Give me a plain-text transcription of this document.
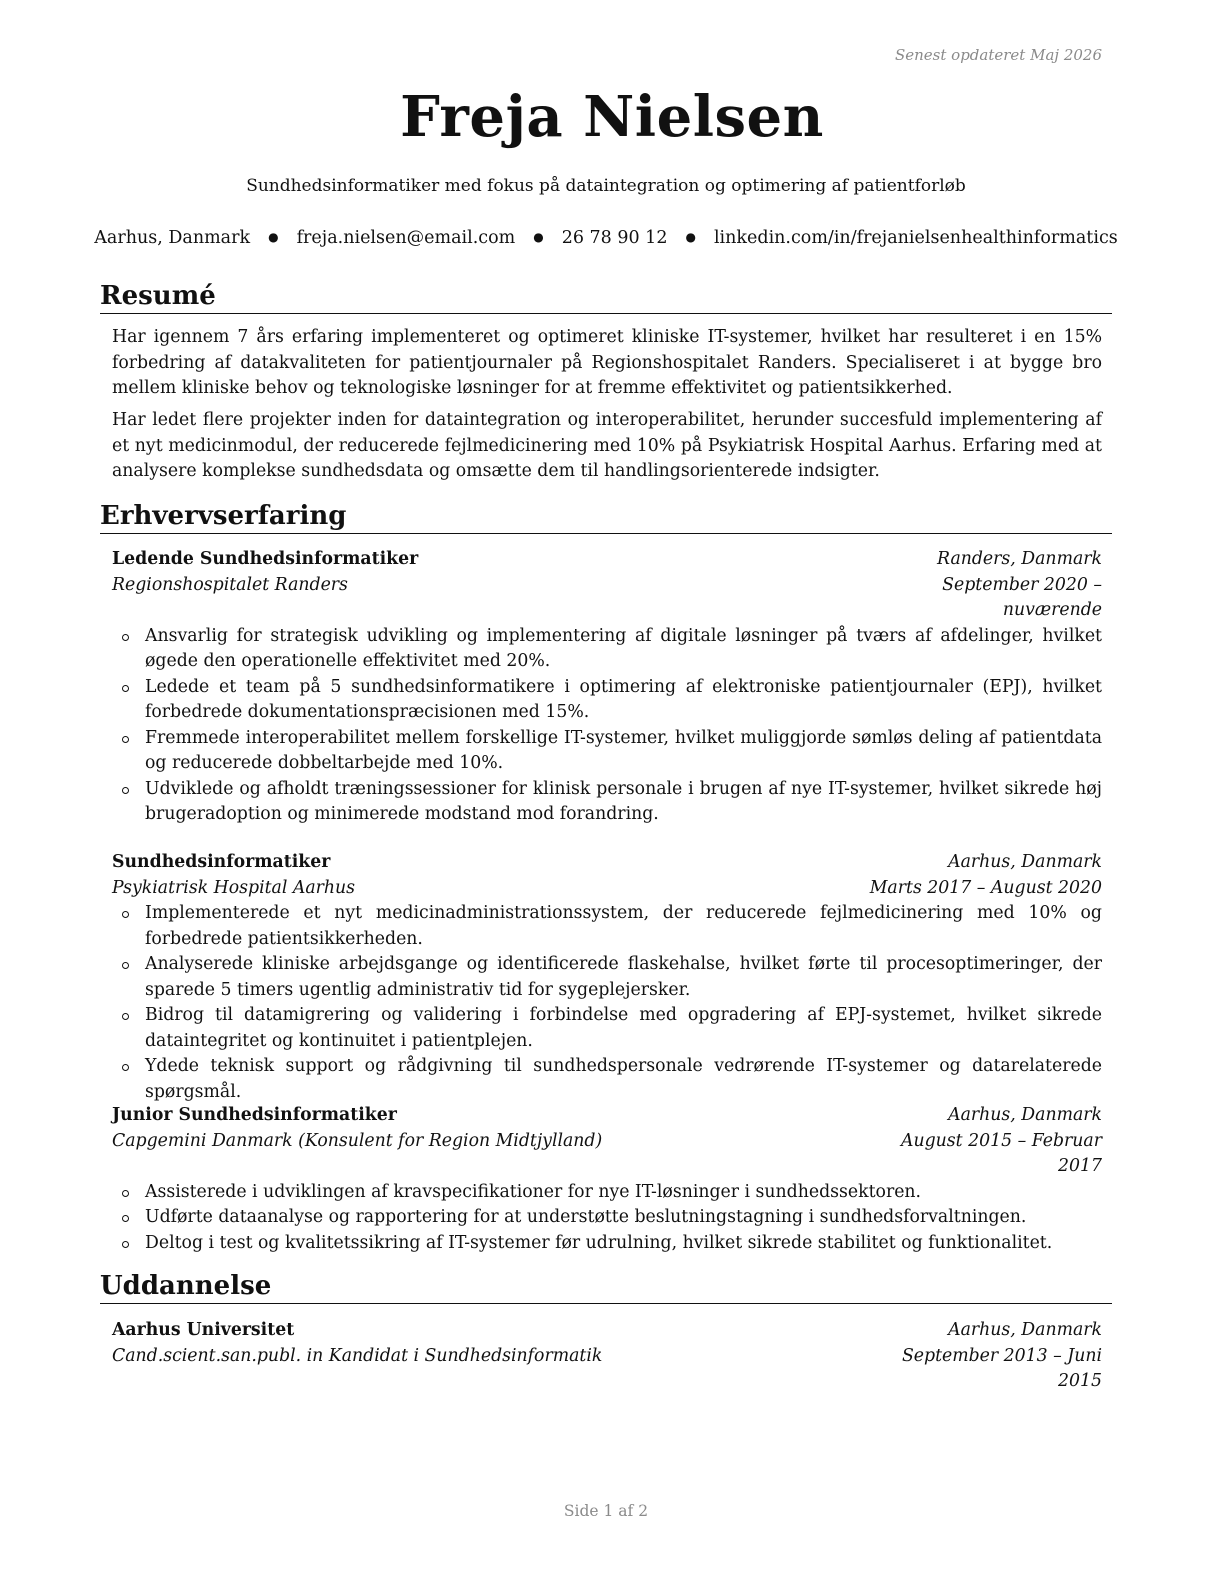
Senest opdateret Maj 2026
Freja Nielsen
Sundhedsinformatiker med fokus på dataintegration og optimering af patientforløb
Aarhus, Danmark ● freja.nielsen@email.com ● 26 78 90 12 ● linkedin.com/in/frejanielsenhealthinformatics
Resumé

Har igennem 7 års erfaring implementeret og optimeret kliniske IT-systemer, hvilket har resulteret i en 15% forbedring af datakvaliteten for patientjournaler på Regionshospitalet Randers. Specialiseret i at bygge bro mellem kliniske behov og teknologiske løsninger for at fremme effektivitet og patientsikkerhed.

Har ledet flere projekter inden for dataintegration og interoperabilitet, herunder succesfuld implementering af et nyt medicinmodul, der reducerede fejlmedicinering med 10% på Psykiatrisk Hospital Aarhus. Erfaring med at analysere komplekse sundhedsdata og omsætte dem til handlingsorienterede indsigter.

Erhvervserfaring
Ledende Sundhedsinformatiker	Randers, Danmark
Regionshospitalet Randers	September 2020 – nuværende
Ansvarlig for strategisk udvikling og implementering af digitale løsninger på tværs af afdelinger, hvilket øgede den operationelle effektivitet med 20%.
Ledede et team på 5 sundhedsinformatikere i optimering af elektroniske patientjournaler (EPJ), hvilket forbedrede dokumentationspræcisionen med 15%.
Fremmede interoperabilitet mellem forskellige IT-systemer, hvilket muliggjorde sømløs deling af patientdata og reducerede dobbeltarbejde med 10%.
Udviklede og afholdt træningssessioner for klinisk personale i brugen af nye IT-systemer, hvilket sikrede høj brugeradoption og minimerede modstand mod forandring.
Sundhedsinformatiker	Aarhus, Danmark
Psykiatrisk Hospital Aarhus	Marts 2017 – August 2020
Implementerede et nyt medicinadministrationssystem, der reducerede fejlmedicinering med 10% og forbedrede patientsikkerheden.
Analyserede kliniske arbejdsgange og identificerede flaskehalse, hvilket førte til procesoptimeringer, der sparede 5 timers ugentlig administrativ tid for sygeplejersker.
Bidrog til datamigrering og validering i forbindelse med opgradering af EPJ-systemet, hvilket sikrede dataintegritet og kontinuitet i patientplejen.
Ydede teknisk support og rådgivning til sundhedspersonale vedrørende IT-systemer og datarelaterede spørgsmål.
Junior Sundhedsinformatiker	Aarhus, Danmark
Capgemini Danmark (Konsulent for Region Midtjylland)	August 2015 – Februar 2017
Assisterede i udviklingen af kravspecifikationer for nye IT-løsninger i sundhedssektoren.
Udførte dataanalyse og rapportering for at understøtte beslutningstagning i sundhedsforvaltningen.
Deltog i test og kvalitetssikring af IT-systemer før udrulning, hvilket sikrede stabilitet og funktionalitet.
Uddannelse
Aarhus Universitet	Aarhus, Danmark
Cand.scient.san.publ. in Kandidat i Sundhedsinformatik	September 2013 – Juni 2015
Side 1 af 2
